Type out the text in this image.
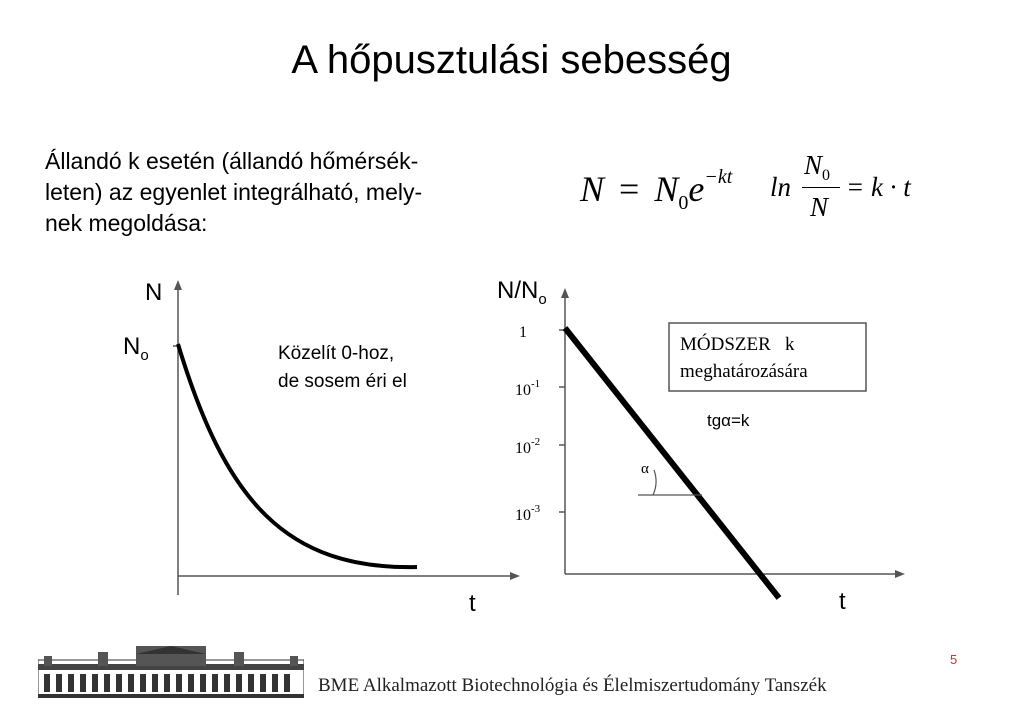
A hőpusztulási sebesség
Állandó k esetén (állandó hőmérsék-
leten) az egyenlet integrálható, mely-
nek megoldása:
$N = N_0e^{-kt}$ ln
$N_0$
N
= k · t
N
$N_o$
t
Közelít 0-hoz,
de sosem éri el
1
$10^{-1}$
$10^{-2}$
$10^{-3}$
$N/N_o$
α
MÓDSZER   k
meghatározására
tgα=k
t
5
BME Alkalmazott Biotechnológia és Élelmiszertudomány Tanszék
